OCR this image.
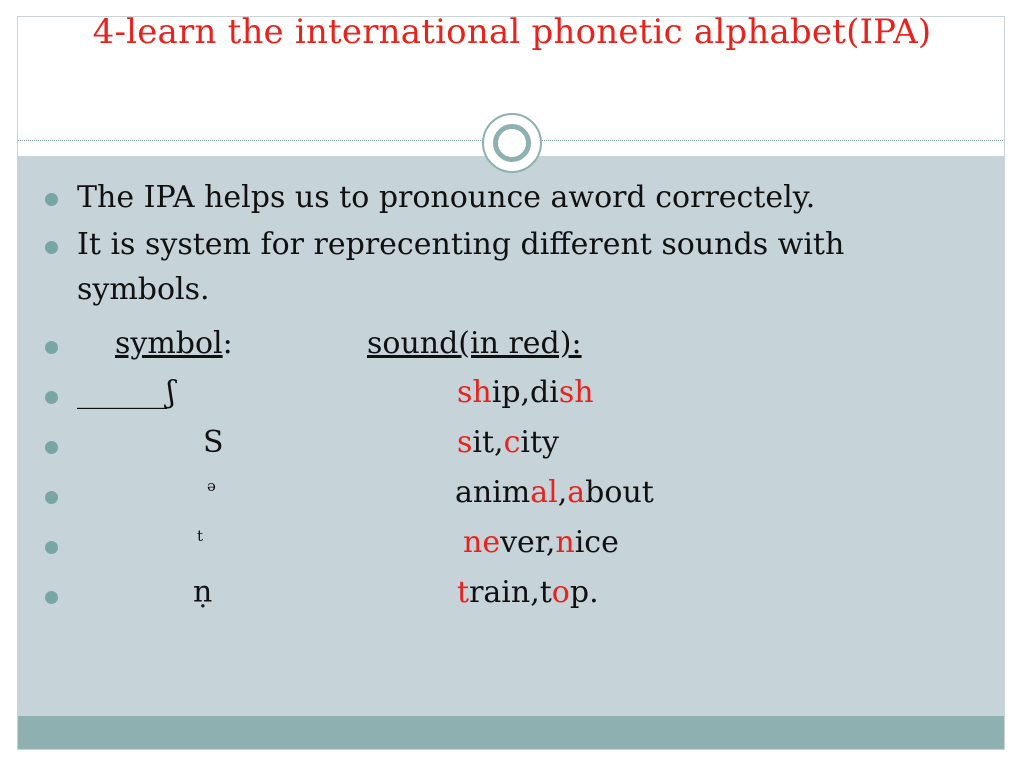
4-learn the international phonetic alphabet(IPA)
The IPA helps us to pronounce aword correctely.
It is system for reprecenting different sounds with symbols.
symbol:	sound(in red):
______ʃ	ship,dish
S	sit,city
ə	animal,about
t	never,nice
ṇ	train,top.
